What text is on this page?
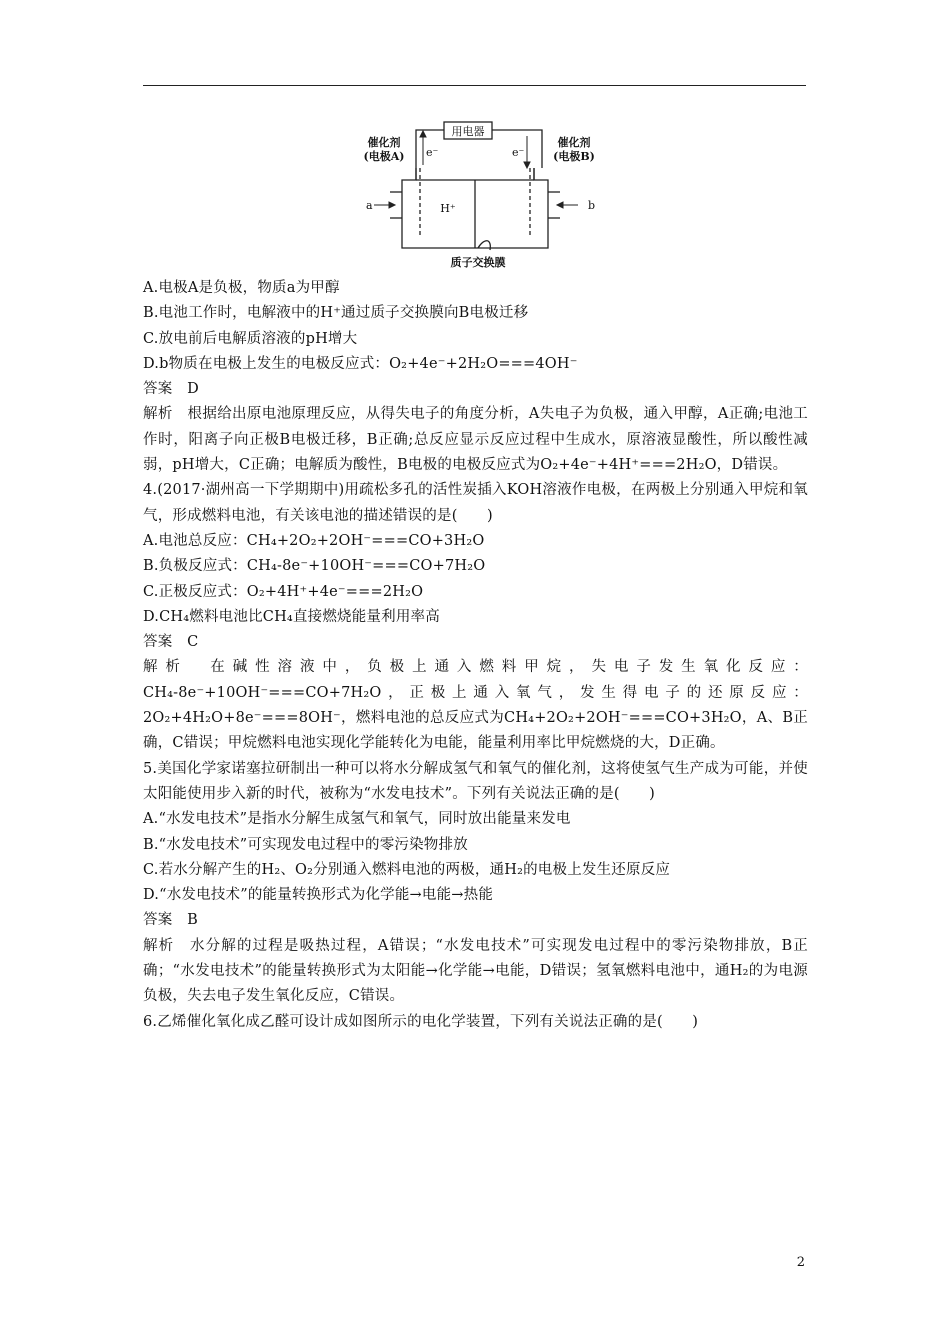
用电器
催化剂
(电极A)
催化剂
(电极B)
e⁻	e⁻
H⁺
a	b
质子交换膜

A.电极A是负极，物质a为甲醇

B.电池工作时，电解液中的H⁺通过质子交换膜向B电极迁移

C.放电前后电解质溶液的pH增大

D.b物质在电极上发生的电极反应式：O₂+4e⁻+2H₂O===4OH⁻

答案　D

解析　根据给出原电池原理反应，从得失电子的角度分析，A失电子为负极，通入甲醇，A正确;电池工作时，阳离子向正极B电极迁移，B正确;总反应显示反应过程中生成水，原溶液显酸性，所以酸性减弱，pH增大，C正确；电解质为酸性，B电极的电极反应式为O₂+4e⁻+4H⁺===2H₂O，D错误。

4.(2017·湖州高一下学期期中)用疏松多孔的活性炭插入KOH溶液作电极，在两极上分别通入甲烷和氧气，形成燃料电池，有关该电池的描述错误的是(　　)

A.电池总反应：CH₄+2O₂+2OH⁻===CO+3H₂O

B.负极反应式：CH₄-8e⁻+10OH⁻===CO+7H₂O

C.正极反应式：O₂+4H⁺+4e⁻===2H₂O

D.CH₄燃料电池比CH₄直接燃烧能量利用率高

答案　C

解析　在碱性溶液中，负极上通入燃料甲烷，失电子发生氧化反应：CH₄-8e⁻+10OH⁻===CO+7H₂O，正极上通入氧气，发生得电子的还原反应：2O₂+4H₂O+8e⁻===8OH⁻，燃料电池的总反应式为CH₄+2O₂+2OH⁻===CO+3H₂O，A、B正确，C错误；甲烷燃料电池实现化学能转化为电能，能量利用率比甲烷燃烧的大，D正确。

5.美国化学家诺塞拉研制出一种可以将水分解成氢气和氧气的催化剂，这将使氢气生产成为可能，并使太阳能使用步入新的时代，被称为“水发电技术”。下列有关说法正确的是(　　)

A.“水发电技术”是指水分解生成氢气和氧气，同时放出能量来发电

B.“水发电技术”可实现发电过程中的零污染物排放

C.若水分解产生的H₂、O₂分别通入燃料电池的两极，通H₂的电极上发生还原反应

D.“水发电技术”的能量转换形式为化学能→电能→热能

答案　B

解析　水分解的过程是吸热过程，A错误；“水发电技术”可实现发电过程中的零污染物排放，B正确；“水发电技术”的能量转换形式为太阳能→化学能→电能，D错误；氢氧燃料电池中，通H₂的为电源负极，失去电子发生氧化反应，C错误。

6.乙烯催化氧化成乙醛可设计成如图所示的电化学装置，下列有关说法正确的是(　　)

2
